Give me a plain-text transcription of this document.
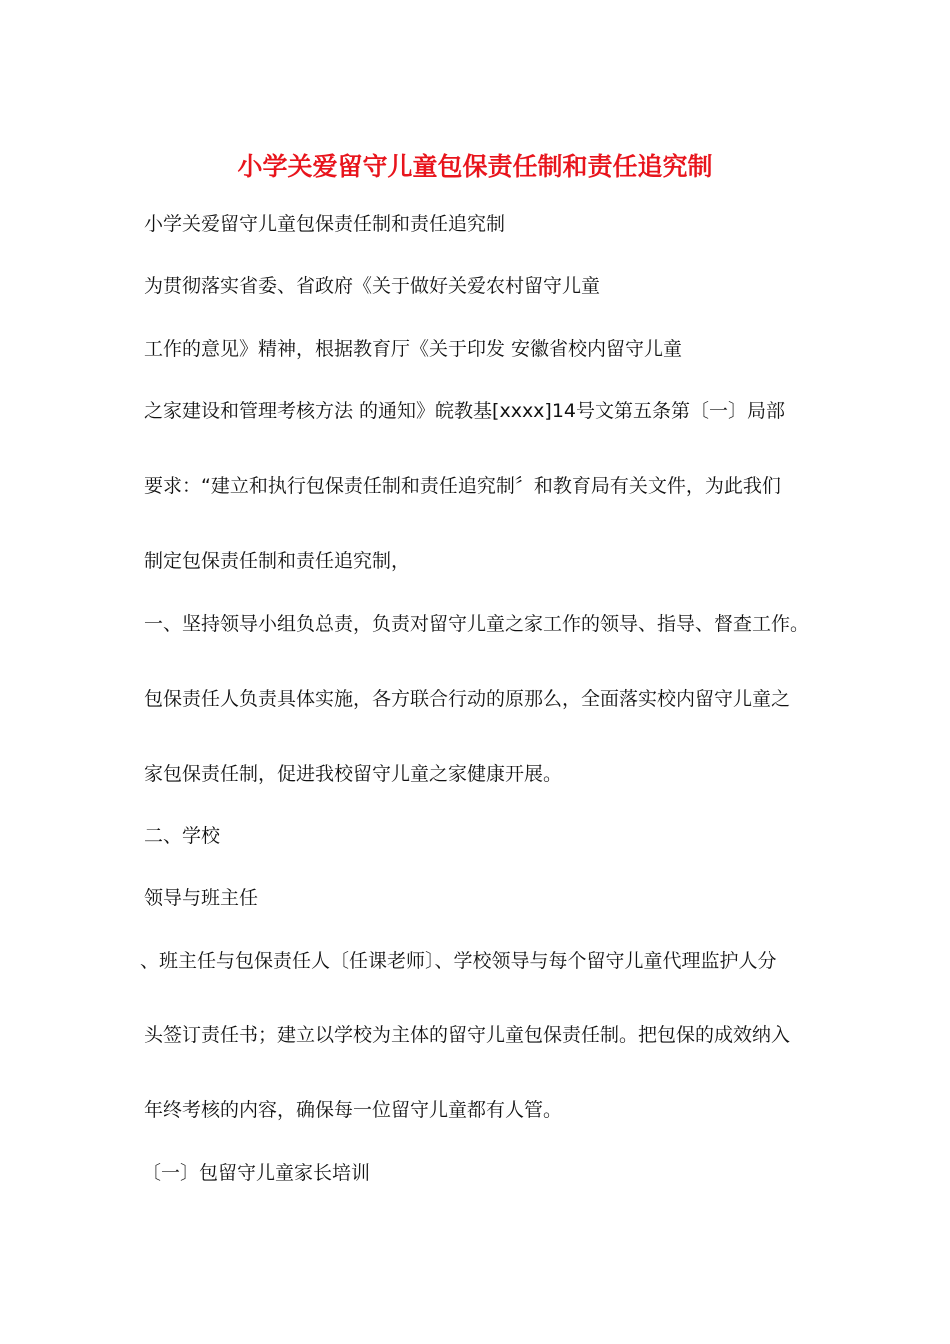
小学关爱留守儿童包保责任制和责任追究制
小学关爱留守儿童包保责任制和责任追究制
为贯彻落实省委、省政府《关于做好关爱农村留守儿童
工作的意见》精神，根据教育厅《关于印发 安徽省校内留守儿童
之家建设和管理考核方法 的通知》皖教基[xxxx]14号文第五条第〔一〕局部
要求：“建立和执行包保责任制和责任追究制〞和教育局有关文件，为此我们
制定包保责任制和责任追究制，
一、坚持领导小组负总责，负责对留守儿童之家工作的领导、指导、督查工作。
包保责任人负责具体实施，各方联合行动的原那么，全面落实校内留守儿童之
家包保责任制，促进我校留守儿童之家健康开展。
二、学校
领导与班主任
、班主任与包保责任人〔任课老师〕、学校领导与每个留守儿童代理监护人分
头签订责任书；建立以学校为主体的留守儿童包保责任制。把包保的成效纳入
年终考核的内容，确保每一位留守儿童都有人管。
〔一〕包留守儿童家长培训
